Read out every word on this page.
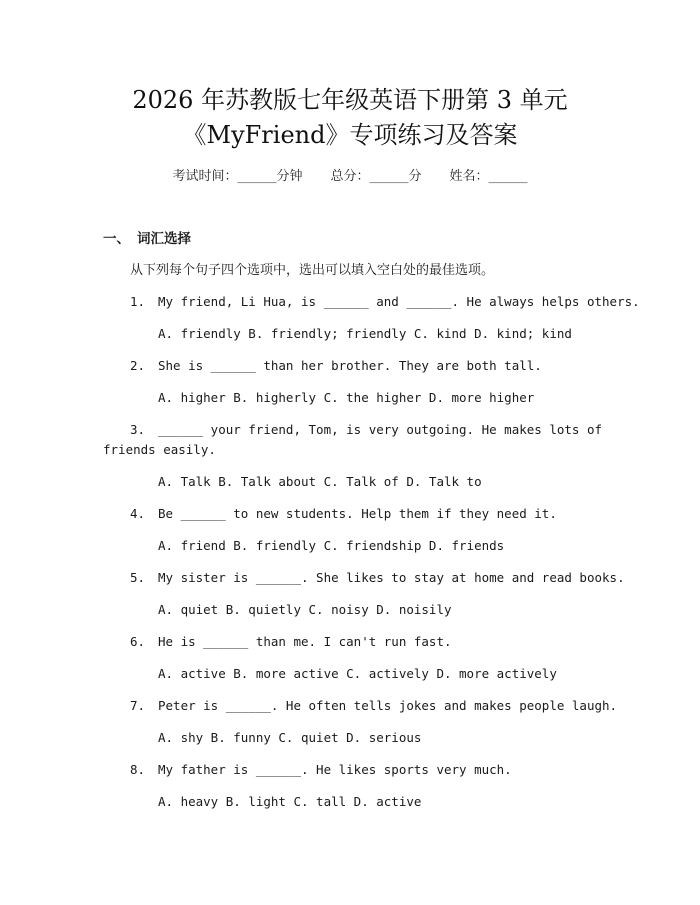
2026 年苏教版七年级英语下册第 3 单元
《MyFriend》专项练习及答案
考试时间：______分钟 总分：______分 姓名：______
一、 词汇选择
从下列每个句子四个选项中，选出可以填入空白处的最佳选项。
1.	My friend, Li Hua, is ______ and ______. He always helps others.
A. friendly B. friendly; friendly C. kind D. kind; kind
2.	She is ______ than her brother. They are both tall.
A. higher B. higherly C. the higher D. more higher
3.	______ your friend, Tom, is very outgoing. He makes lots of
friends easily.
A. Talk B. Talk about C. Talk of D. Talk to
4.	Be ______ to new students. Help them if they need it.
A. friend B. friendly C. friendship D. friends
5.	My sister is ______. She likes to stay at home and read books.
A. quiet B. quietly C. noisy D. noisily
6.	He is ______ than me. I can't run fast.
A. active B. more active C. actively D. more actively
7.	Peter is ______. He often tells jokes and makes people laugh.
A. shy B. funny C. quiet D. serious
8.	My father is ______. He likes sports very much.
A. heavy B. light C. tall D. active
